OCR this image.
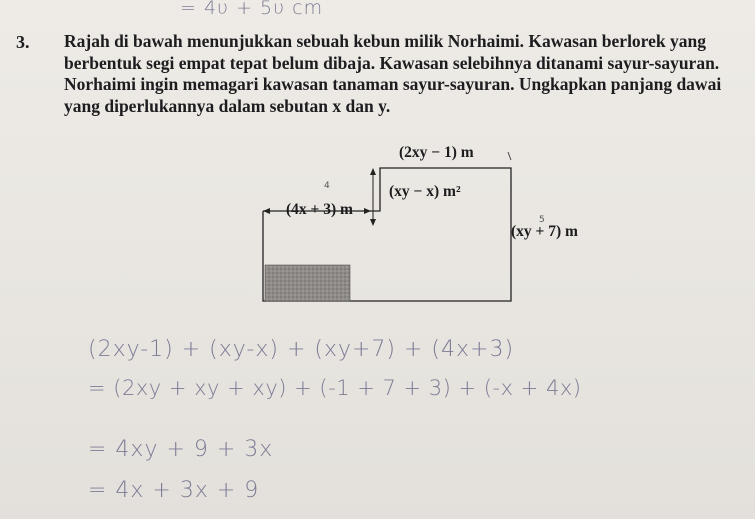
= 4υ + 5υ cm
3. Rajah di bawah menunjukkan sebuah kebun milik Norhaimi. Kawasan berlorek yang

berbentuk segi empat tepat belum dibaja. Kawasan selebihnya ditanami sayur-sayuran.

Norhaimi ingin memagari kawasan tanaman sayur-sayuran. Ungkapkan panjang dawai

yang diperlukannya dalam sebutan x dan y.

(2xy − 1) m
(4x + 3) m
(xy − x) m²
(xy + 7) m
4
5
(2xy-1) + (xy-x) + (xy+7) + (4x+3)
= (2xy + xy + xy) + (-1 + 7 + 3) + (-x + 4x)
= 4xy + 9 + 3x
= 4x + 3x + 9
